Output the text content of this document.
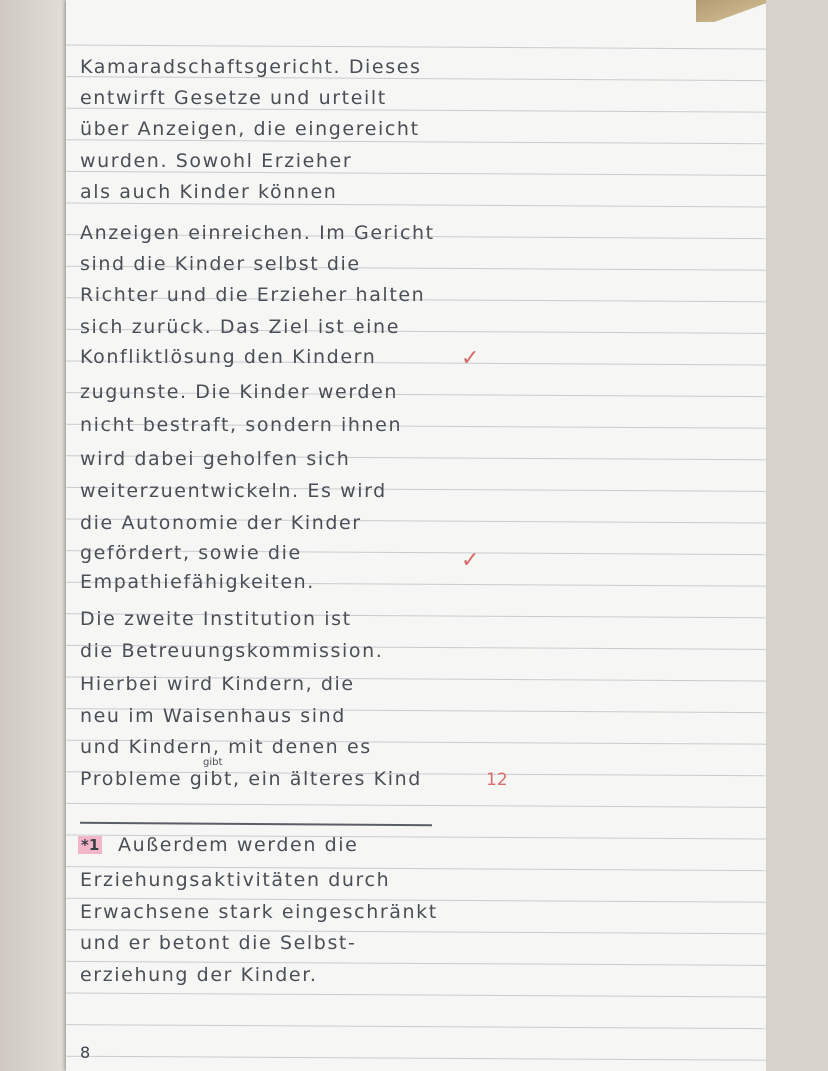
Kamaradschaftsgericht. Dieses
entwirft Gesetze und urteilt
über Anzeigen, die eingereicht
wurden. Sowohl Erzieher
als auch Kinder können
Anzeigen einreichen. Im Gericht
sind die Kinder selbst die
Richter und die Erzieher halten
sich zurück. Das Ziel ist eine
Konfliktlösung den Kindern
zugunste. Die Kinder werden
nicht bestraft, sondern ihnen
wird dabei geholfen sich
weiterzuentwickeln. Es wird
die Autonomie der Kinder
gefördert, sowie die
Empathiefähigkeiten.
Die zweite Institution ist
die Betreuungskommission.
Hierbei wird Kindern, die
neu im Waisenhaus sind
und Kindern, mit denen es
gibt
Probleme gibt, ein älteres Kind
✓
✓
12
*1 Außerdem werden die
Erziehungsaktivitäten durch
Erwachsene stark eingeschränkt
und er betont die Selbst-
erziehung der Kinder.
8
